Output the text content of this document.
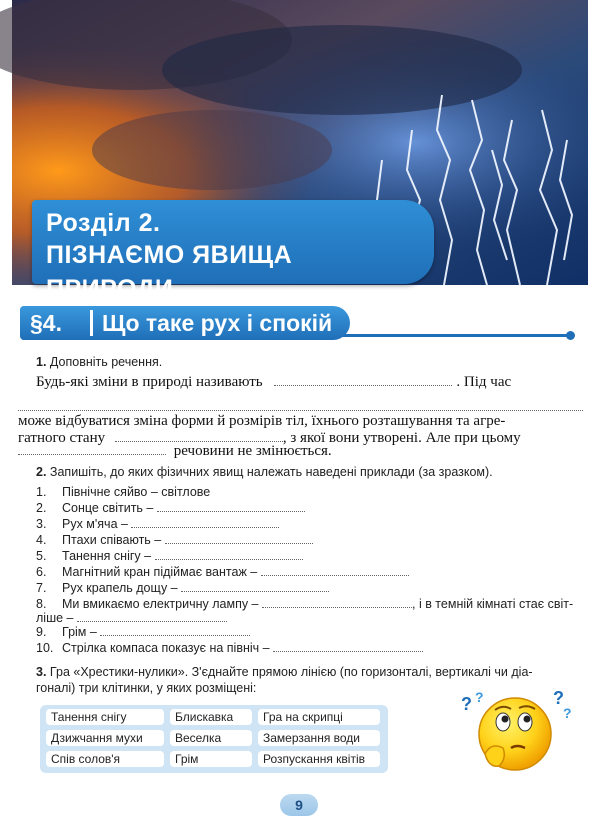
Розділ 2.
ПІЗНАЄМО ЯВИЩА ПРИРОДИ
§4. Що таке рух і спокій
1. Доповніть речення.
Будь-які зміни в природі називають	. Під час
може відбуватися зміна форми й розмірів тіл, їхнього розташування та агре-
гатного стану	, з якої вони утворені. Але при цьому
речовини не змінюється.
2. Запишіть, до яких фізичних явищ належать наведені приклади (за зразком).
1. Північне сяйво – світлове
2. Сонце світить –
3. Рух м'яча –
4. Птахи співають –
5. Танення снігу –
6. Магнітний кран підіймає вантаж –
7. Рух крапель дощу –
8. Ми вмикаємо електричну лампу –	, і в темній кімнаті стає світ-
ліше –
9. Грім –
10. Стрілка компаса показує на північ –
3. Гра «Хрестики-нулики». З'єднайте прямою лінією (по горизонталі, вертикалі чи діа-
гоналі) три клітинки, у яких розміщені:
Танення снігу	Блискавка	Гра на скрипці
Дзижчання мухи	Веселка	Замерзання води
Спів солов'я	Грім	Розпускання квітів
? ?	?
?
9
